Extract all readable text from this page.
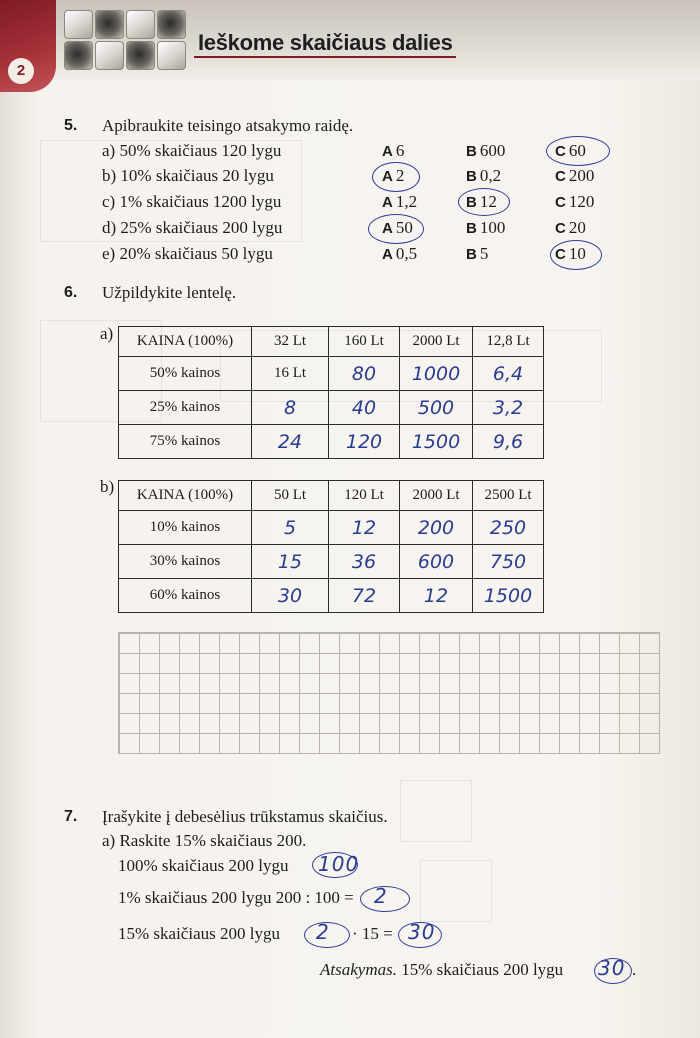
2
Ieškome skaičiaus dalies
5. Apibraukite teisingo atsakymo raidę.
a) 50% skaičiaus 120 lygu	A 6	B 600	C 60
b) 10% skaičiaus 20 lygu	A 2	B 0,2	C 200
c) 1% skaičiaus 1200 lygu	A 1,2	B 12	C 120
d) 25% skaičiaus 200 lygu	A 50	B 100	C 20
e) 20% skaičiaus 50 lygu	A 0,5	B 5	C 10
6. Užpildykite lentelę.
a) KAINA (100%)	32 Lt	160 Lt	2000 Lt	12,8 Lt
50% kainos	16 Lt	80	1000	6,4
25% kainos	8	40	500	3,2
75% kainos	24	120	1500	9,6
b) KAINA (100%)	50 Lt	120 Lt	2000 Lt	2500 Lt
10% kainos	5	12	200	250
30% kainos	15	36	600	750
60% kainos	30	72	12	1500
7. Įrašykite į debesėlius trūkstamus skaičius.
a) Raskite 15% skaičiaus 200.
100% skaičiaus 200 lygu 100
1% skaičiaus 200 lygu 200 : 100 = 2
15% skaičiaus 200 lygu 2 · 15 = 30
Atsakymas. 15% skaičiaus 200 lygu 30 .
